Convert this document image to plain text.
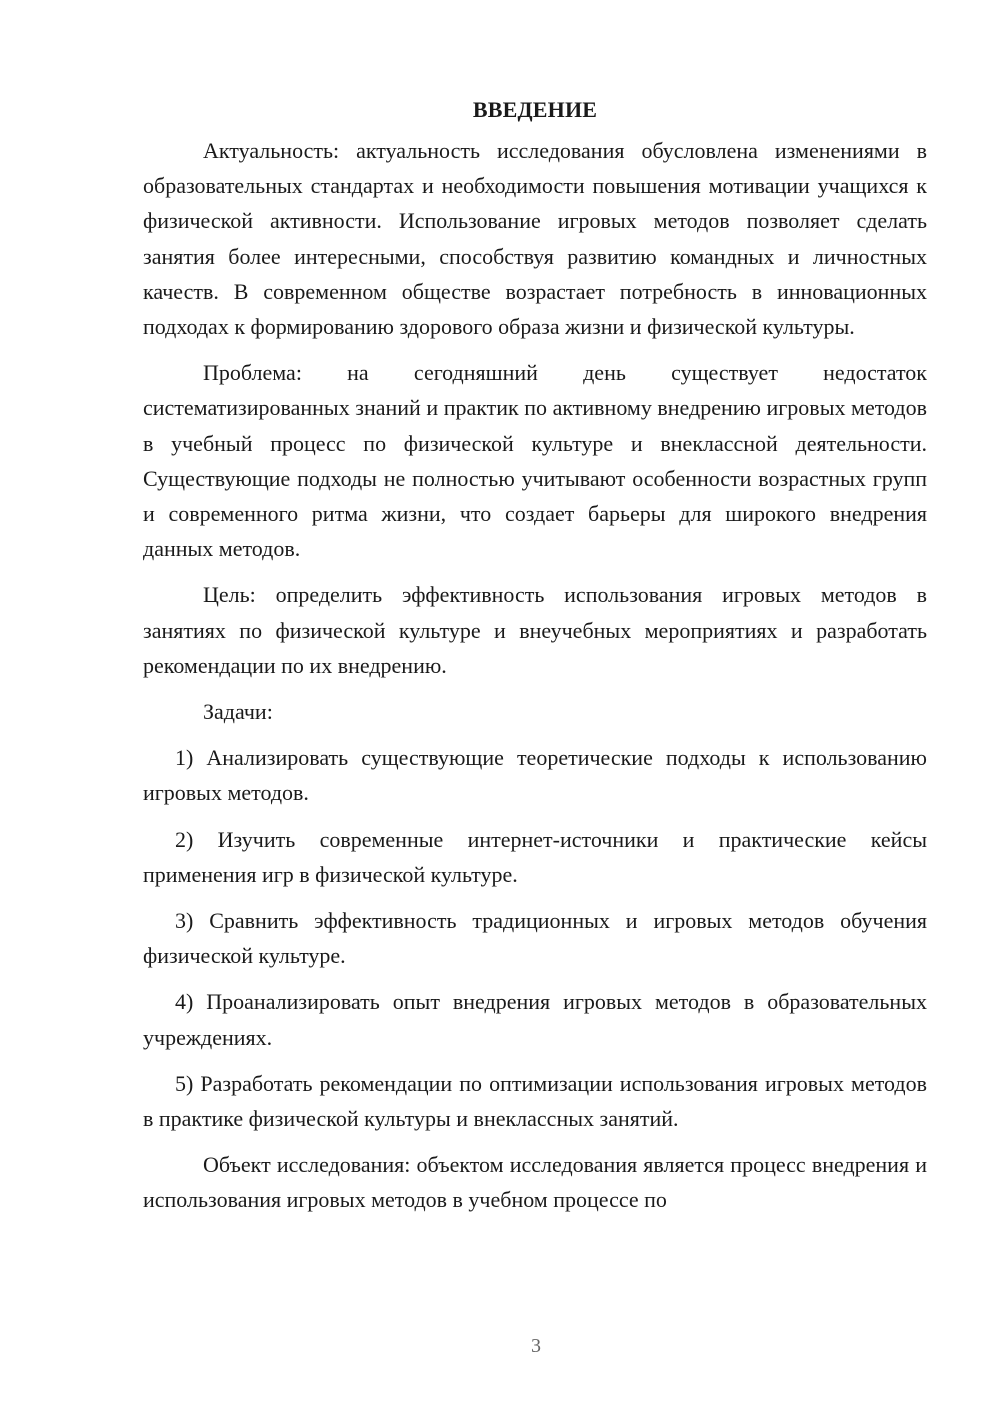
ВВЕДЕНИЕ

Актуальность: актуальность исследования обусловлена изменениями в образовательных стандартах и необходимости повышения мотивации учащихся к физической активности. Использование игровых методов позволяет сделать занятия более интересными, способствуя развитию командных и личностных качеств. В современном обществе возрастает потребность в инновационных подходах к формированию здорового образа жизни и физической культуры.

Проблема: на сегодняшний день существует недостаток систематизированных знаний и практик по активному внедрению игровых методов в учебный процесс по физической культуре и внеклассной деятельности. Существующие подходы не полностью учитывают особенности возрастных групп и современного ритма жизни, что создает барьеры для широкого внедрения данных методов.

Цель: определить эффективность использования игровых методов в занятиях по физической культуре и внеучебных мероприятиях и разработать рекомендации по их внедрению.

Задачи:

1) Анализировать существующие теоретические подходы к использованию игровых методов.

2) Изучить современные интернет-источники и практические кейсы применения игр в физической культуре.

3) Сравнить эффективность традиционных и игровых методов обучения физической культуре.

4) Проанализировать опыт внедрения игровых методов в образовательных учреждениях.

5) Разработать рекомендации по оптимизации использования игровых методов в практике физической культуры и внеклассных занятий.

Объект исследования: объектом исследования является процесс внедрения и использования игровых методов в учебном процессе по

3
